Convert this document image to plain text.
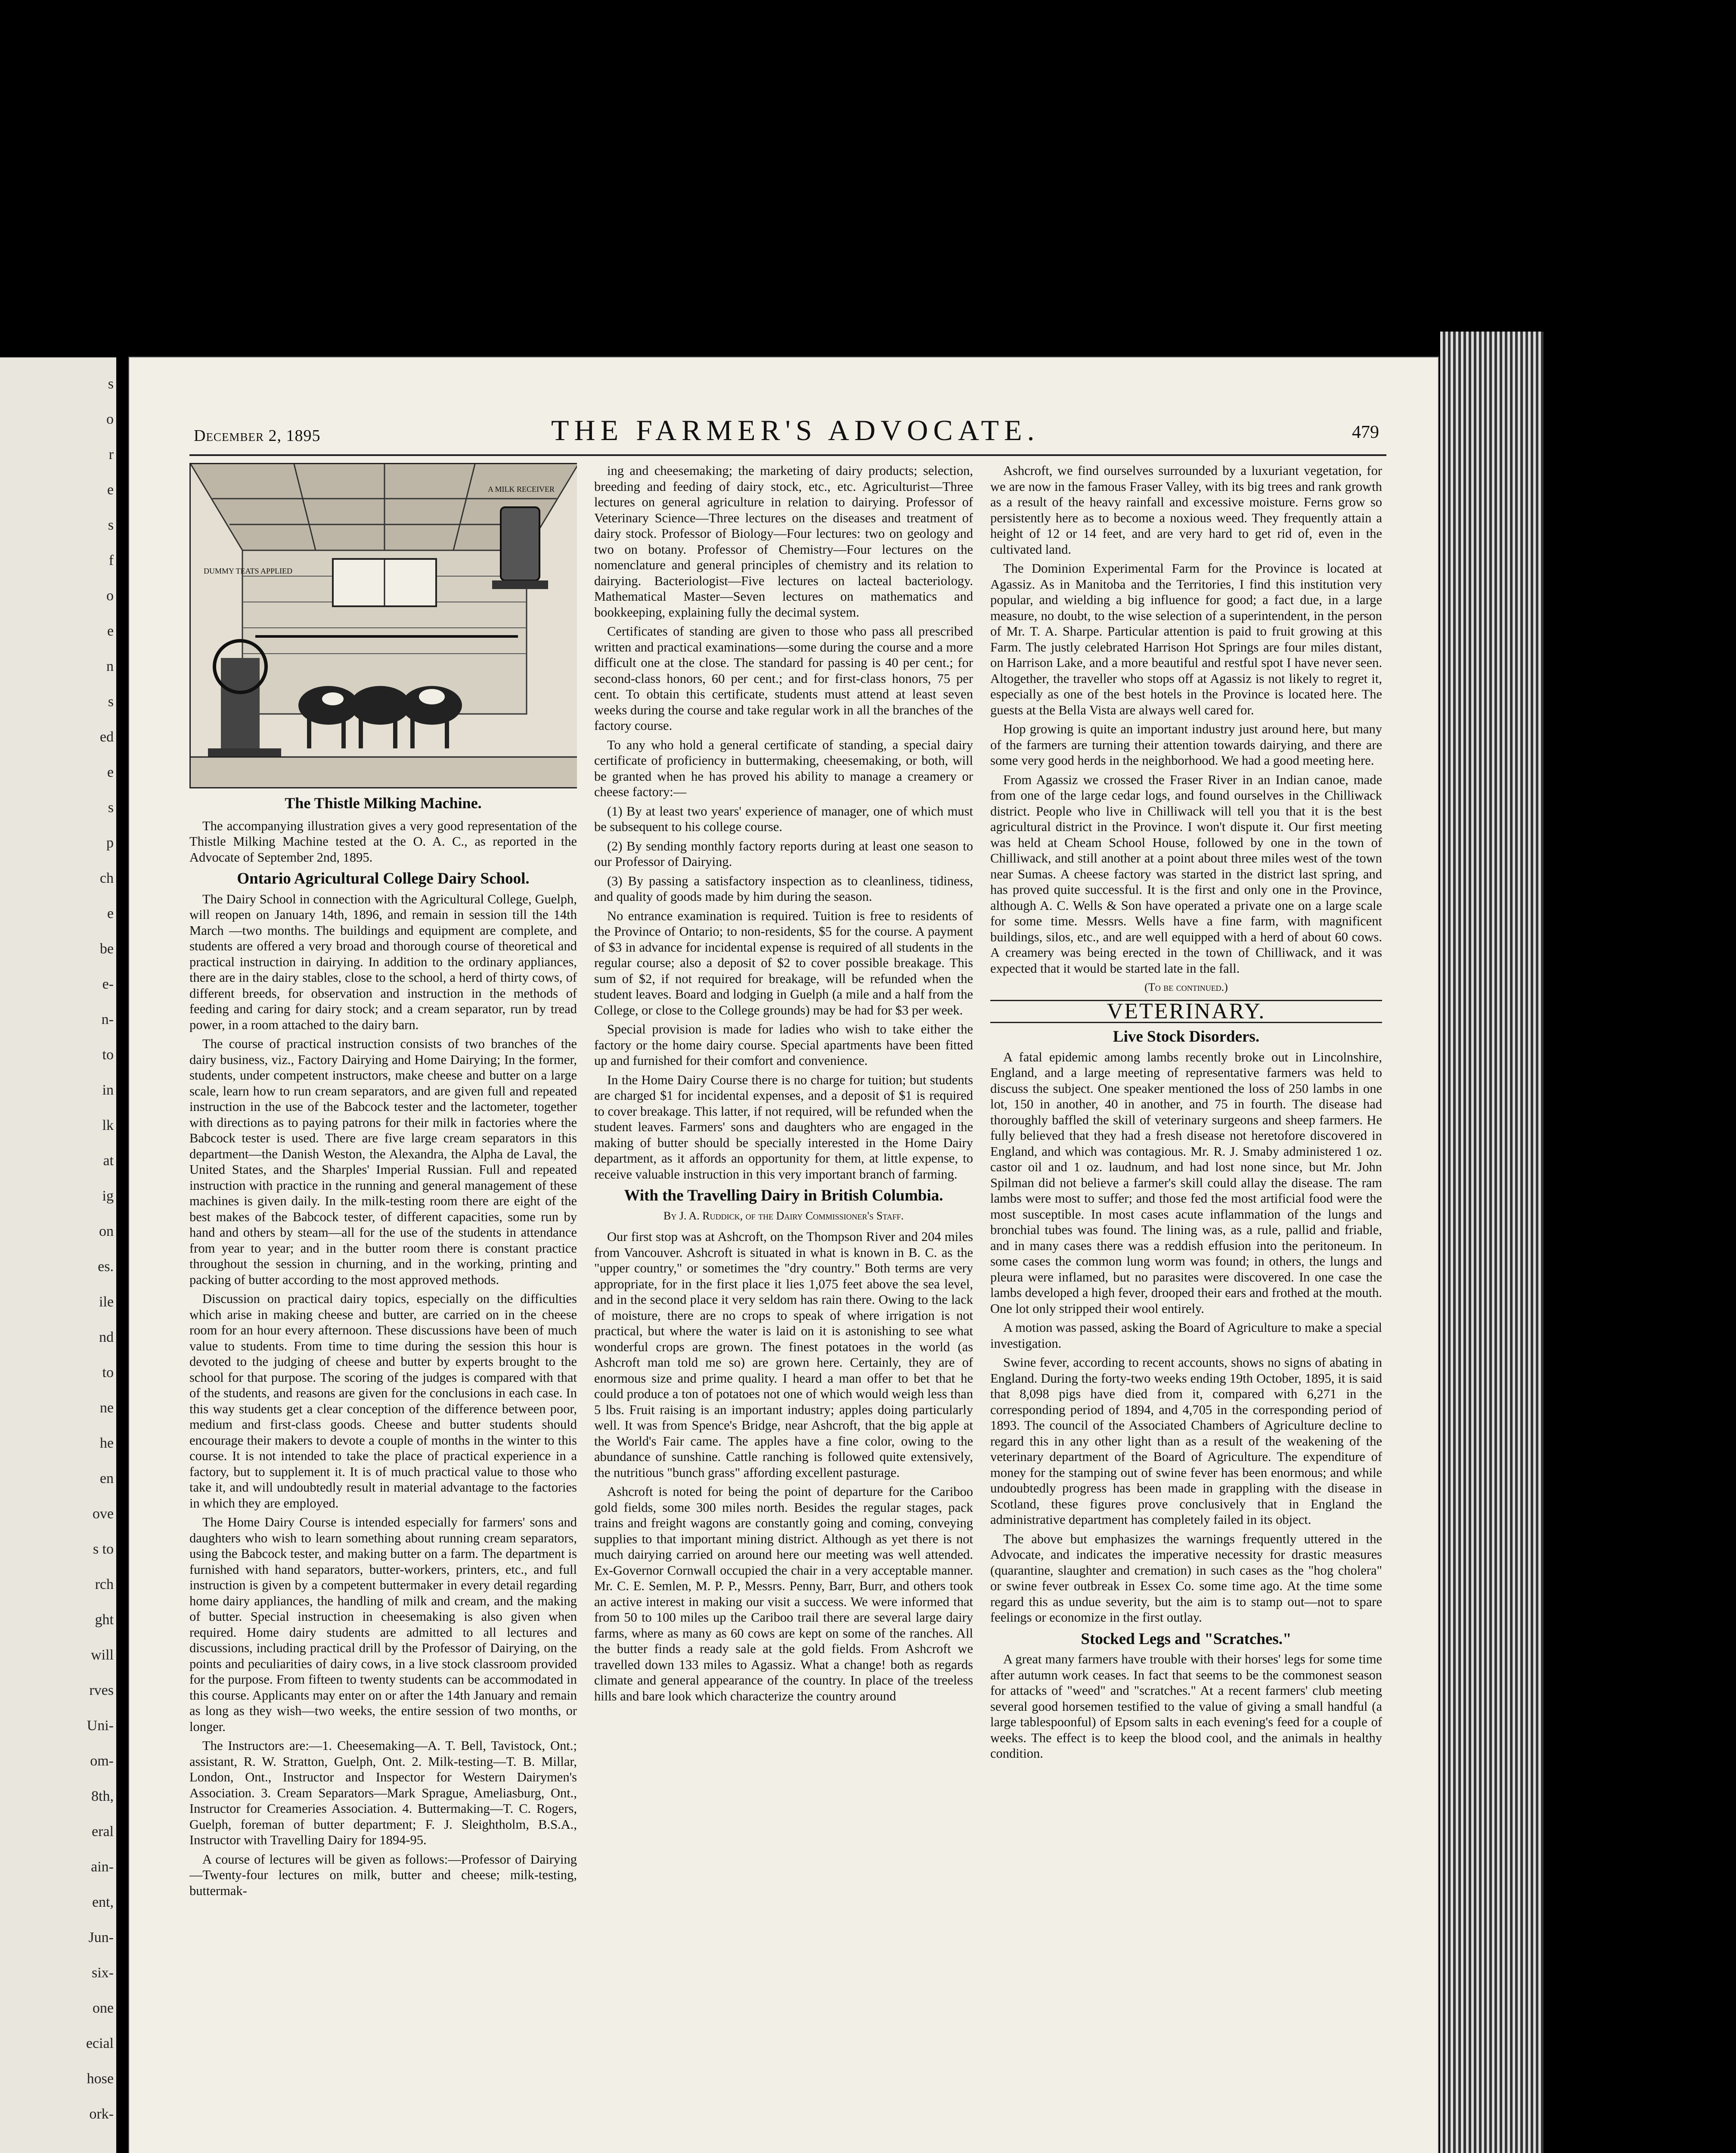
s
o
r
e
s
f
o
e
n
s
ed
e
s
p
ch
e
be
e-
n-
to
in
lk
at
ig
on
es.
ile
nd
to
ne
he
en
ove
s to
rch
ght
will
rves
Uni-
om-
8th,
eral
ain-
ent,
Jun-
six-
one
ecial
hose
ork-
December 2, 1895	THE FARMER'S ADVOCATE.	479
DUMMY TEATS APPLIED
A MILK RECEIVER
The Thistle Milking Machine.

The accompanying illustration gives a very good representation of the Thistle Milking Machine tested at the O. A. C., as reported in the Advocate of September 2nd, 1895.

Ontario Agricultural College Dairy School.

The Dairy School in connection with the Agricultural College, Guelph, will reopen on January 14th, 1896, and remain in session till the 14th March —two months. The buildings and equipment are complete, and students are offered a very broad and thorough course of theoretical and practical instruction in dairying. In addition to the ordinary appliances, there are in the dairy stables, close to the school, a herd of thirty cows, of different breeds, for observation and instruction in the methods of feeding and caring for dairy stock; and a cream separator, run by tread power, in a room attached to the dairy barn.

The course of practical instruction consists of two branches of the dairy business, viz., Factory Dairying and Home Dairying; In the former, students, under competent instructors, make cheese and butter on a large scale, learn how to run cream separators, and are given full and repeated instruction in the use of the Babcock tester and the lactometer, together with directions as to paying patrons for their milk in factories where the Babcock tester is used. There are five large cream separators in this department—the Danish Weston, the Alexandra, the Alpha de Laval, the United States, and the Sharples' Imperial Russian. Full and repeated instruction with practice in the running and general management of these machines is given daily. In the milk-testing room there are eight of the best makes of the Babcock tester, of different capacities, some run by hand and others by steam—all for the use of the students in attendance from year to year; and in the butter room there is constant practice throughout the session in churning, and in the working, printing and packing of butter according to the most approved methods.

Discussion on practical dairy topics, especially on the difficulties which arise in making cheese and butter, are carried on in the cheese room for an hour every afternoon. These discussions have been of much value to students. From time to time during the session this hour is devoted to the judging of cheese and butter by experts brought to the school for that purpose. The scoring of the judges is compared with that of the students, and reasons are given for the conclusions in each case. In this way students get a clear conception of the difference between poor, medium and first-class goods. Cheese and butter students should encourage their makers to devote a couple of months in the winter to this course. It is not intended to take the place of practical experience in a factory, but to supplement it. It is of much practical value to those who take it, and will undoubtedly result in material advantage to the factories in which they are employed.

The Home Dairy Course is intended especially for farmers' sons and daughters who wish to learn something about running cream separators, using the Babcock tester, and making butter on a farm. The department is furnished with hand separators, butter-workers, printers, etc., and full instruction is given by a competent buttermaker in every detail regarding home dairy appliances, the handling of milk and cream, and the making of butter. Special instruction in cheesemaking is also given when required. Home dairy students are admitted to all lectures and discussions, including practical drill by the Professor of Dairying, on the points and peculiarities of dairy cows, in a live stock classroom provided for the purpose. From fifteen to twenty students can be accommodated in this course. Applicants may enter on or after the 14th January and remain as long as they wish—two weeks, the entire session of two months, or longer.

The Instructors are:—1. Cheesemaking—A. T. Bell, Tavistock, Ont.; assistant, R. W. Stratton, Guelph, Ont. 2. Milk-testing—T. B. Millar, London, Ont., Instructor and Inspector for Western Dairymen's Association. 3. Cream Separators—Mark Sprague, Ameliasburg, Ont., Instructor for Creameries Association. 4. Buttermaking—T. C. Rogers, Guelph, foreman of butter department; F. J. Sleightholm, B.S.A., Instructor with Travelling Dairy for 1894-95.

A course of lectures will be given as follows:—Professor of Dairying—Twenty-four lectures on milk, butter and cheese; milk-testing, buttermak-

ing and cheesemaking; the marketing of dairy products; selection, breeding and feeding of dairy stock, etc., etc. Agriculturist—Three lectures on general agriculture in relation to dairying. Professor of Veterinary Science—Three lectures on the diseases and treatment of dairy stock. Professor of Biology—Four lectures: two on geology and two on botany. Professor of Chemistry—Four lectures on the nomenclature and general principles of chemistry and its relation to dairying. Bacteriologist—Five lectures on lacteal bacteriology. Mathematical Master—Seven lectures on mathematics and bookkeeping, explaining fully the decimal system.

Certificates of standing are given to those who pass all prescribed written and practical examinations—some during the course and a more difficult one at the close. The standard for passing is 40 per cent.; for second-class honors, 60 per cent.; and for first-class honors, 75 per cent. To obtain this certificate, students must attend at least seven weeks during the course and take regular work in all the branches of the factory course.

To any who hold a general certificate of standing, a special dairy certificate of proficiency in buttermaking, cheesemaking, or both, will be granted when he has proved his ability to manage a creamery or cheese factory:—

(1) By at least two years' experience of manager, one of which must be subsequent to his college course.

(2) By sending monthly factory reports during at least one season to our Professor of Dairying.

(3) By passing a satisfactory inspection as to cleanliness, tidiness, and quality of goods made by him during the season.

No entrance examination is required. Tuition is free to residents of the Province of Ontario; to non-residents, $5 for the course. A payment of $3 in advance for incidental expense is required of all students in the regular course; also a deposit of $2 to cover possible breakage. This sum of $2, if not required for breakage, will be refunded when the student leaves. Board and lodging in Guelph (a mile and a half from the College, or close to the College grounds) may be had for $3 per week.

Special provision is made for ladies who wish to take either the factory or the home dairy course. Special apartments have been fitted up and furnished for their comfort and convenience.

In the Home Dairy Course there is no charge for tuition; but students are charged $1 for incidental expenses, and a deposit of $1 is required to cover breakage. This latter, if not required, will be refunded when the student leaves. Farmers' sons and daughters who are engaged in the making of butter should be specially interested in the Home Dairy department, as it affords an opportunity for them, at little expense, to receive valuable instruction in this very important branch of farming.

With the Travelling Dairy in British Columbia.
By J. A. Ruddick, of the Dairy Commissioner's Staff.

Our first stop was at Ashcroft, on the Thompson River and 204 miles from Vancouver. Ashcroft is situated in what is known in B. C. as the "upper country," or sometimes the "dry country." Both terms are very appropriate, for in the first place it lies 1,075 feet above the sea level, and in the second place it very seldom has rain there. Owing to the lack of moisture, there are no crops to speak of where irrigation is not practical, but where the water is laid on it is astonishing to see what wonderful crops are grown. The finest potatoes in the world (as Ashcroft man told me so) are grown here. Certainly, they are of enormous size and prime quality. I heard a man offer to bet that he could produce a ton of potatoes not one of which would weigh less than 5 lbs. Fruit raising is an important industry; apples doing particularly well. It was from Spence's Bridge, near Ashcroft, that the big apple at the World's Fair came. The apples have a fine color, owing to the abundance of sunshine. Cattle ranching is followed quite extensively, the nutritious "bunch grass" affording excellent pasturage.

Ashcroft is noted for being the point of departure for the Cariboo gold fields, some 300 miles north. Besides the regular stages, pack trains and freight wagons are constantly going and coming, conveying supplies to that important mining district. Although as yet there is not much dairying carried on around here our meeting was well attended. Ex-Governor Cornwall occupied the chair in a very acceptable manner. Mr. C. E. Semlen, M. P. P., Messrs. Penny, Barr, Burr, and others took an active interest in making our visit a success. We were informed that from 50 to 100 miles up the Cariboo trail there are several large dairy farms, where as many as 60 cows are kept on some of the ranches. All the butter finds a ready sale at the gold fields. From Ashcroft we travelled down 133 miles to Agassiz. What a change! both as regards climate and general appearance of the country. In place of the treeless hills and bare look which characterize the country around

Ashcroft, we find ourselves surrounded by a luxuriant vegetation, for we are now in the famous Fraser Valley, with its big trees and rank growth as a result of the heavy rainfall and excessive moisture. Ferns grow so persistently here as to become a noxious weed. They frequently attain a height of 12 or 14 feet, and are very hard to get rid of, even in the cultivated land.

The Dominion Experimental Farm for the Province is located at Agassiz. As in Manitoba and the Territories, I find this institution very popular, and wielding a big influence for good; a fact due, in a large measure, no doubt, to the wise selection of a superintendent, in the person of Mr. T. A. Sharpe. Particular attention is paid to fruit growing at this Farm. The justly celebrated Harrison Hot Springs are four miles distant, on Harrison Lake, and a more beautiful and restful spot I have never seen. Altogether, the traveller who stops off at Agassiz is not likely to regret it, especially as one of the best hotels in the Province is located here. The guests at the Bella Vista are always well cared for.

Hop growing is quite an important industry just around here, but many of the farmers are turning their attention towards dairying, and there are some very good herds in the neighborhood. We had a good meeting here.

From Agassiz we crossed the Fraser River in an Indian canoe, made from one of the large cedar logs, and found ourselves in the Chilliwack district. People who live in Chilliwack will tell you that it is the best agricultural district in the Province. I won't dispute it. Our first meeting was held at Cheam School House, followed by one in the town of Chilliwack, and still another at a point about three miles west of the town near Sumas. A cheese factory was started in the district last spring, and has proved quite successful. It is the first and only one in the Province, although A. C. Wells & Son have operated a private one on a large scale for some time. Messrs. Wells have a fine farm, with magnificent buildings, silos, etc., and are well equipped with a herd of about 60 cows. A creamery was being erected in the town of Chilliwack, and it was expected that it would be started late in the fall.

(To be continued.)
VETERINARY.
Live Stock Disorders.

A fatal epidemic among lambs recently broke out in Lincolnshire, England, and a large meeting of representative farmers was held to discuss the subject. One speaker mentioned the loss of 250 lambs in one lot, 150 in another, 40 in another, and 75 in fourth. The disease had thoroughly baffled the skill of veterinary surgeons and sheep farmers. He fully believed that they had a fresh disease not heretofore discovered in England, and which was contagious. Mr. R. J. Smaby administered 1 oz. castor oil and 1 oz. laudnum, and had lost none since, but Mr. John Spilman did not believe a farmer's skill could allay the disease. The ram lambs were most to suffer; and those fed the most artificial food were the most susceptible. In most cases acute inflammation of the lungs and bronchial tubes was found. The lining was, as a rule, pallid and friable, and in many cases there was a reddish effusion into the peritoneum. In some cases the common lung worm was found; in others, the lungs and pleura were inflamed, but no parasites were discovered. In one case the lambs developed a high fever, drooped their ears and frothed at the mouth. One lot only stripped their wool entirely.

A motion was passed, asking the Board of Agriculture to make a special investigation.

Swine fever, according to recent accounts, shows no signs of abating in England. During the forty-two weeks ending 19th October, 1895, it is said that 8,098 pigs have died from it, compared with 6,271 in the corresponding period of 1894, and 4,705 in the corresponding period of 1893. The council of the Associated Chambers of Agriculture decline to regard this in any other light than as a result of the weakening of the veterinary department of the Board of Agriculture. The expenditure of money for the stamping out of swine fever has been enormous; and while undoubtedly progress has been made in grappling with the disease in Scotland, these figures prove conclusively that in England the administrative department has completely failed in its object.

The above but emphasizes the warnings frequently uttered in the Advocate, and indicates the imperative necessity for drastic measures (quarantine, slaughter and cremation) in such cases as the "hog cholera" or swine fever outbreak in Essex Co. some time ago. At the time some regard this as undue severity, but the aim is to stamp out—not to spare feelings or economize in the first outlay.

Stocked Legs and "Scratches."

A great many farmers have trouble with their horses' legs for some time after autumn work ceases. In fact that seems to be the commonest season for attacks of "weed" and "scratches." At a recent farmers' club meeting several good horsemen testified to the value of giving a small handful (a large tablespoonful) of Epsom salts in each evening's feed for a couple of weeks. The effect is to keep the blood cool, and the animals in healthy condition.
